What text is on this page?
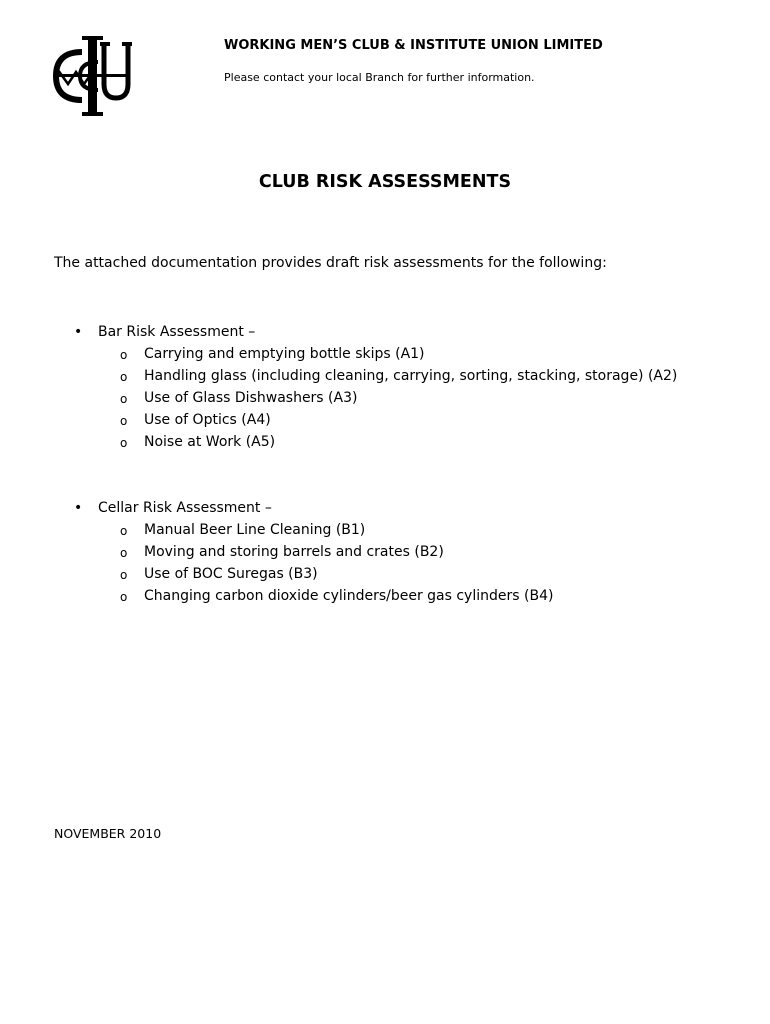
WORKING MEN’S CLUB & INSTITUTE UNION LIMITED
Please contact your local Branch for further information.
CLUB RISK ASSESSMENTS
The attached documentation provides draft risk assessments for the following:
• Bar Risk Assessment –
o Carrying and emptying bottle skips (A1)
o Handling glass (including cleaning, carrying, sorting, stacking, storage) (A2)
o Use of Glass Dishwashers (A3)
o Use of Optics (A4)
o Noise at Work (A5)
• Cellar Risk Assessment –
o Manual Beer Line Cleaning (B1)
o Moving and storing barrels and crates (B2)
o Use of BOC Suregas (B3)
o Changing carbon dioxide cylinders/beer gas cylinders (B4)
NOVEMBER 2010
